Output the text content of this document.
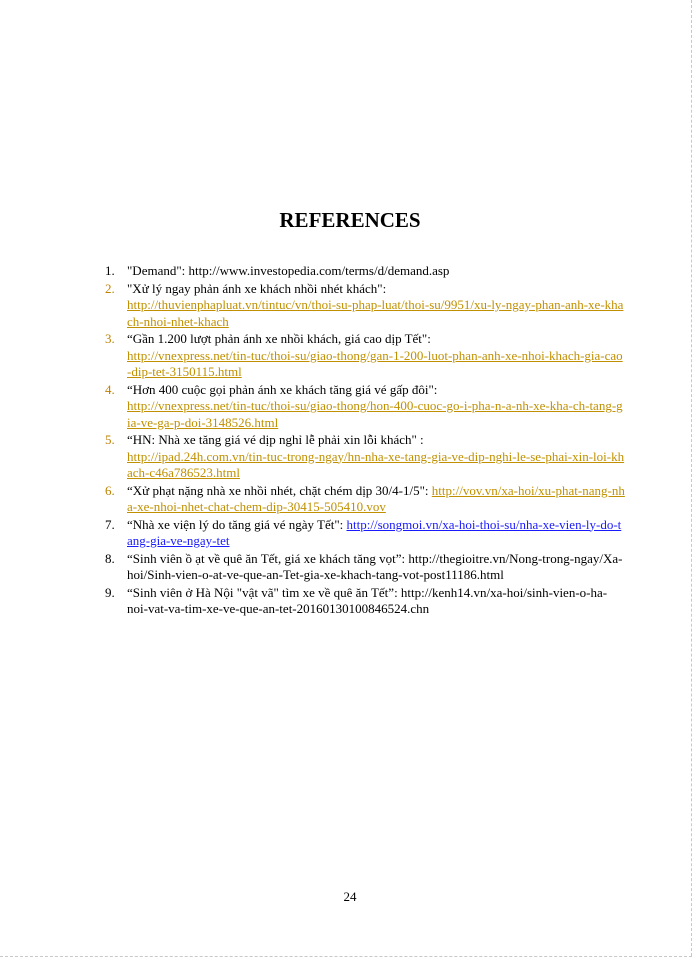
REFERENCES
1. "Demand": http://www.investopedia.com/terms/d/demand.asp
2. "Xử lý ngay phản ánh xe khách nhồi nhét khách":
http://thuvienphapluat.vn/tintuc/vn/thoi-su-phap-luat/thoi-su/9951/xu-ly-ngay-phan-anh-xe-khach-nhoi-nhet-khach
3. “Gần 1.200 lượt phản ánh xe nhồi khách, giá cao dịp Tết":
http://vnexpress.net/tin-tuc/thoi-su/giao-thong/gan-1-200-luot-phan-anh-xe-nhoi-khach-gia-cao-dip-tet-3150115.html
4. “Hơn 400 cuộc gọi phản ánh xe khách tăng giá vé gấp đôi":
http://vnexpress.net/tin-tuc/thoi-su/giao-thong/hon-400-cuoc-go-i-pha-n-a-nh-xe-kha-ch-tang-gia-ve-ga-p-doi-3148526.html
5. “HN: Nhà xe tăng giá vé dịp nghỉ lễ phải xin lỗi khách" :
http://ipad.24h.com.vn/tin-tuc-trong-ngay/hn-nha-xe-tang-gia-ve-dip-nghi-le-se-phai-xin-loi-khach-c46a786523.html
6. “Xử phạt nặng nhà xe nhồi nhét, chặt chém dịp 30/4-1/5": http://vov.vn/xa-hoi/xu-phat-nang-nha-xe-nhoi-nhet-chat-chem-dip-30415-505410.vov
7. “Nhà xe viện lý do tăng giá vé ngày Tết": http://songmoi.vn/xa-hoi-thoi-su/nha-xe-vien-ly-do-tang-gia-ve-ngay-tet
8. “Sinh viên ồ ạt về quê ăn Tết, giá xe khách tăng vọt”: http://thegioitre.vn/Nong-trong-ngay/Xa-hoi/Sinh-vien-o-at-ve-que-an-Tet-gia-xe-khach-tang-vot-post11186.html
9. “Sinh viên ở Hà Nội "vật vã" tìm xe về quê ăn Tết”: http://kenh14.vn/xa-hoi/sinh-vien-o-ha-noi-vat-va-tim-xe-ve-que-an-tet-20160130100846524.chn
24
